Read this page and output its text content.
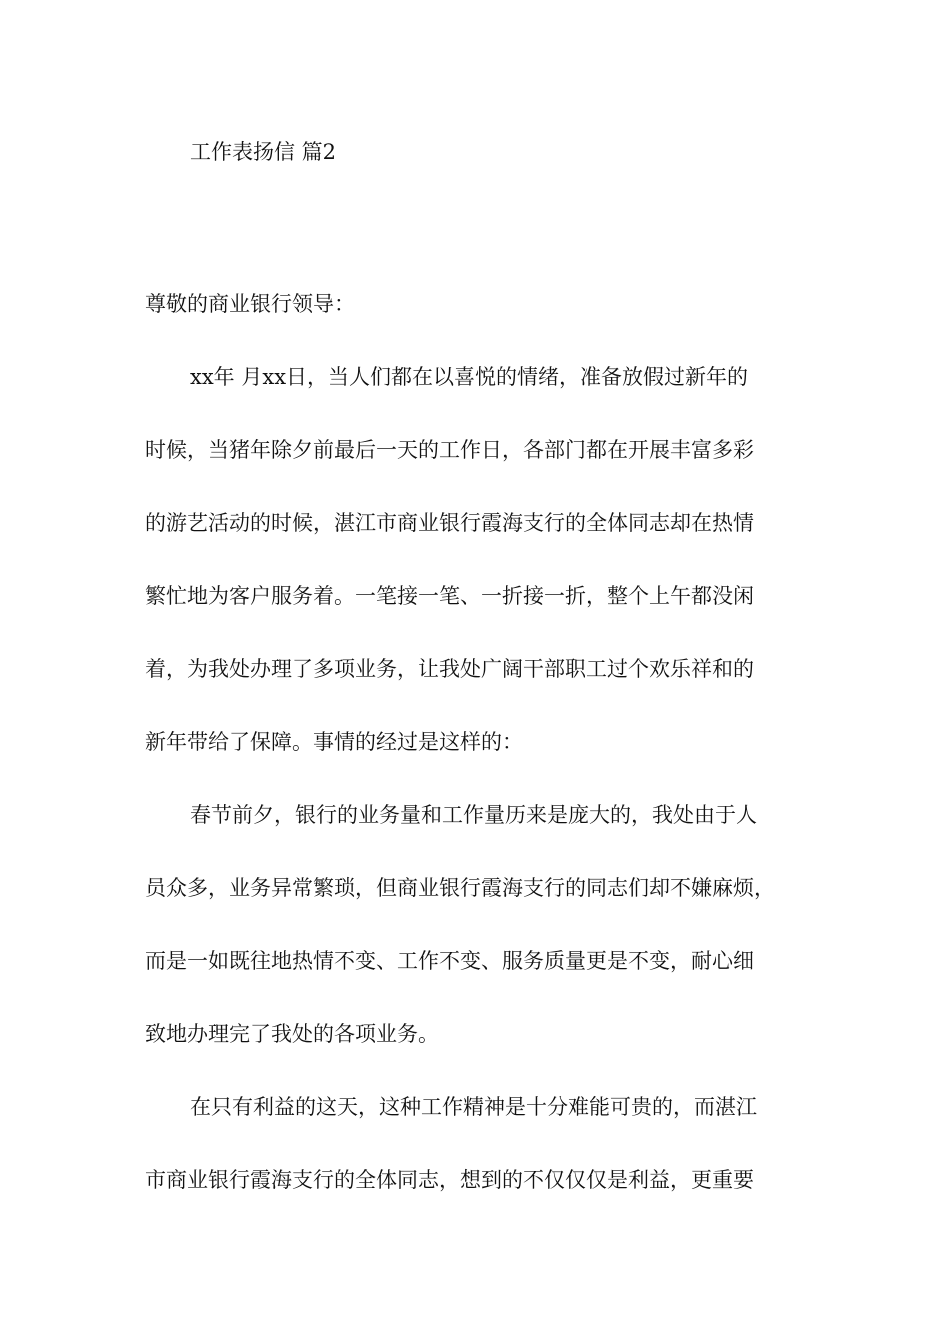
工作表扬信 篇2
尊敬的商业银行领导：
xx年 月xx日，当人们都在以喜悦的情绪，准备放假过新年的
时候，当猪年除夕前最后一天的工作日，各部门都在开展丰富多彩
的游艺活动的时候，湛江市商业银行霞海支行的全体同志却在热情
繁忙地为客户服务着。一笔接一笔、一折接一折，整个上午都没闲
着，为我处办理了多项业务，让我处广阔干部职工过个欢乐祥和的
新年带给了保障。事情的经过是这样的：
春节前夕，银行的业务量和工作量历来是庞大的，我处由于人
员众多，业务异常繁琐，但商业银行霞海支行的同志们却不嫌麻烦，
而是一如既往地热情不变、工作不变、服务质量更是不变，耐心细
致地办理完了我处的各项业务。
在只有利益的这天，这种工作精神是十分难能可贵的，而湛江
市商业银行霞海支行的全体同志，想到的不仅仅仅是利益，更重要
